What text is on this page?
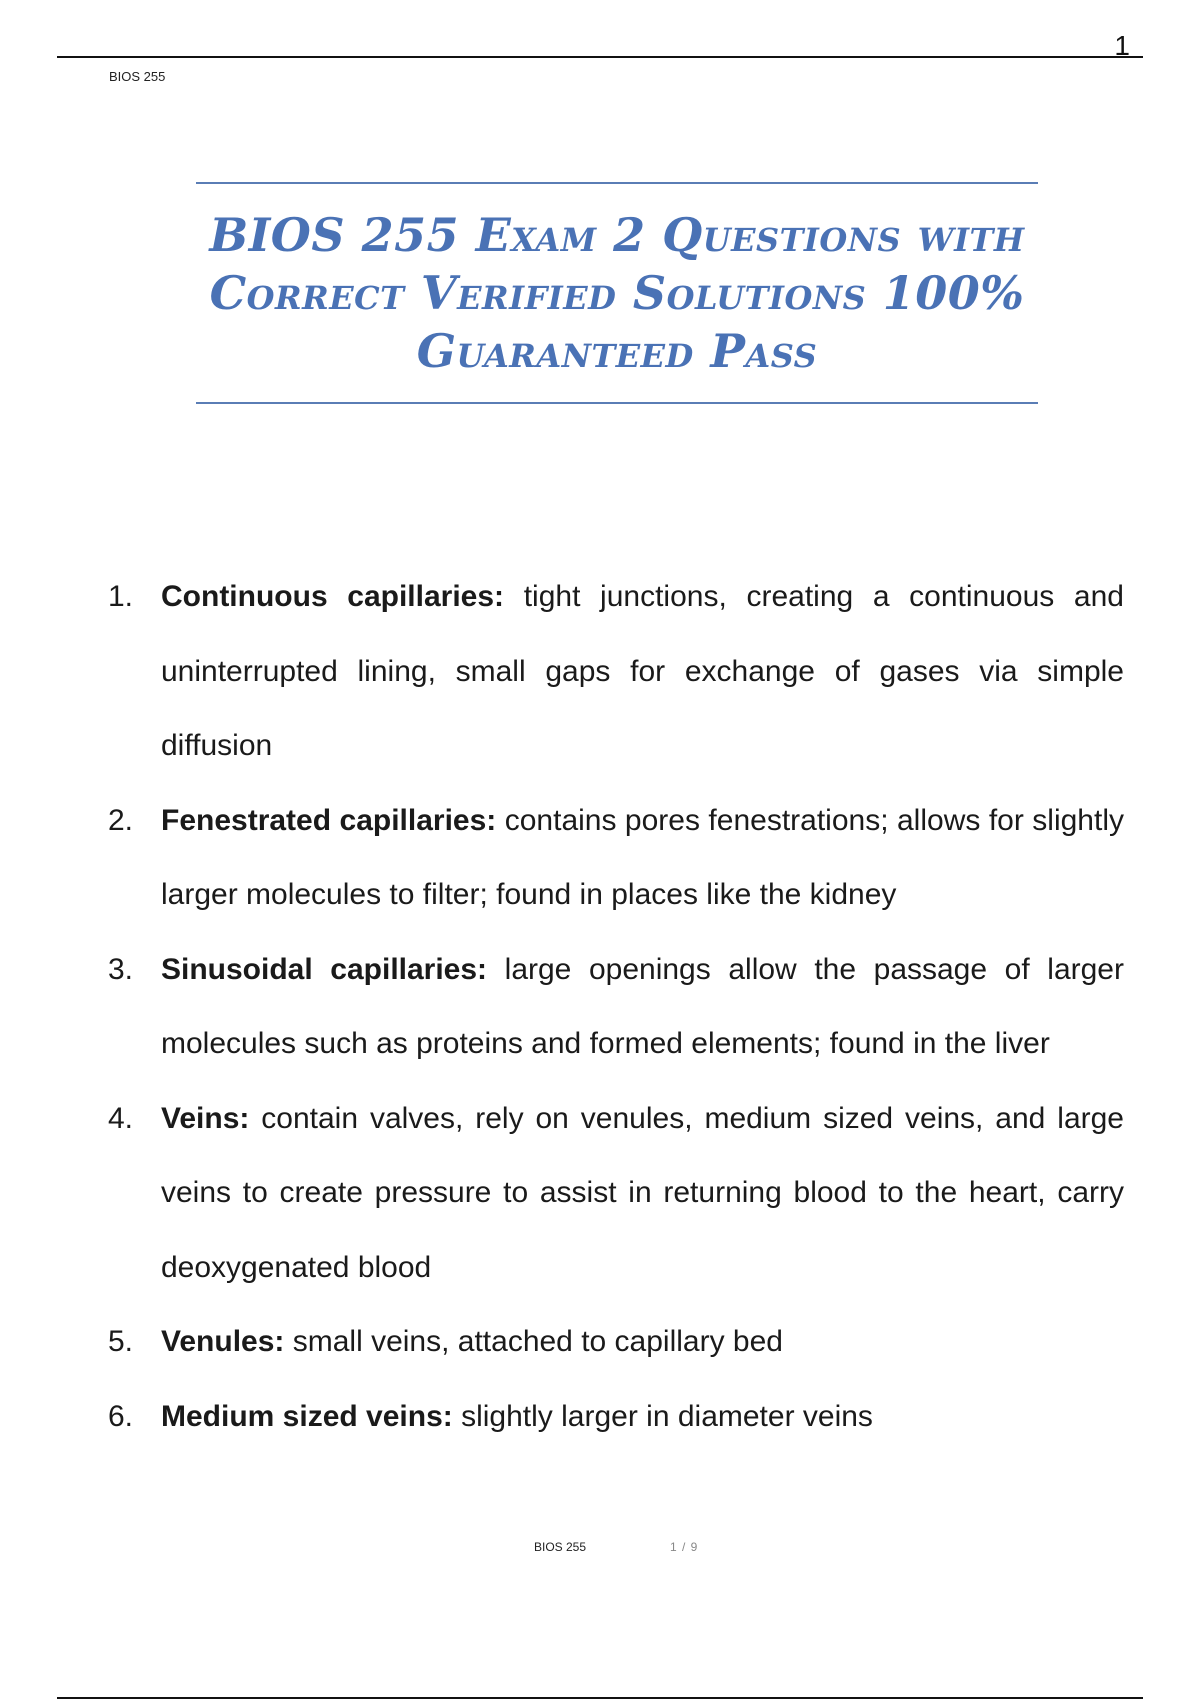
1
BIOS 255
BIOS 255 Exam 2 Questions with Correct Verified Solutions 100% Guaranteed Pass
1. Continuous capillaries: tight junctions, creating a continuous and uninterrupted lining, small gaps for exchange of gases via simple diffusion
2. Fenestrated capillaries: contains pores fenestrations; allows for slightly larger molecules to filter; found in places like the kidney
3. Sinusoidal capillaries: large openings allow the passage of larger molecules such as proteins and formed elements; found in the liver
4. Veins: contain valves, rely on venules, medium sized veins, and large veins to create pressure to assist in returning blood to the heart, carry deoxygenated blood
5. Venules: small veins, attached to capillary bed
6. Medium sized veins: slightly larger in diameter veins
BIOS 255	1 / 9
